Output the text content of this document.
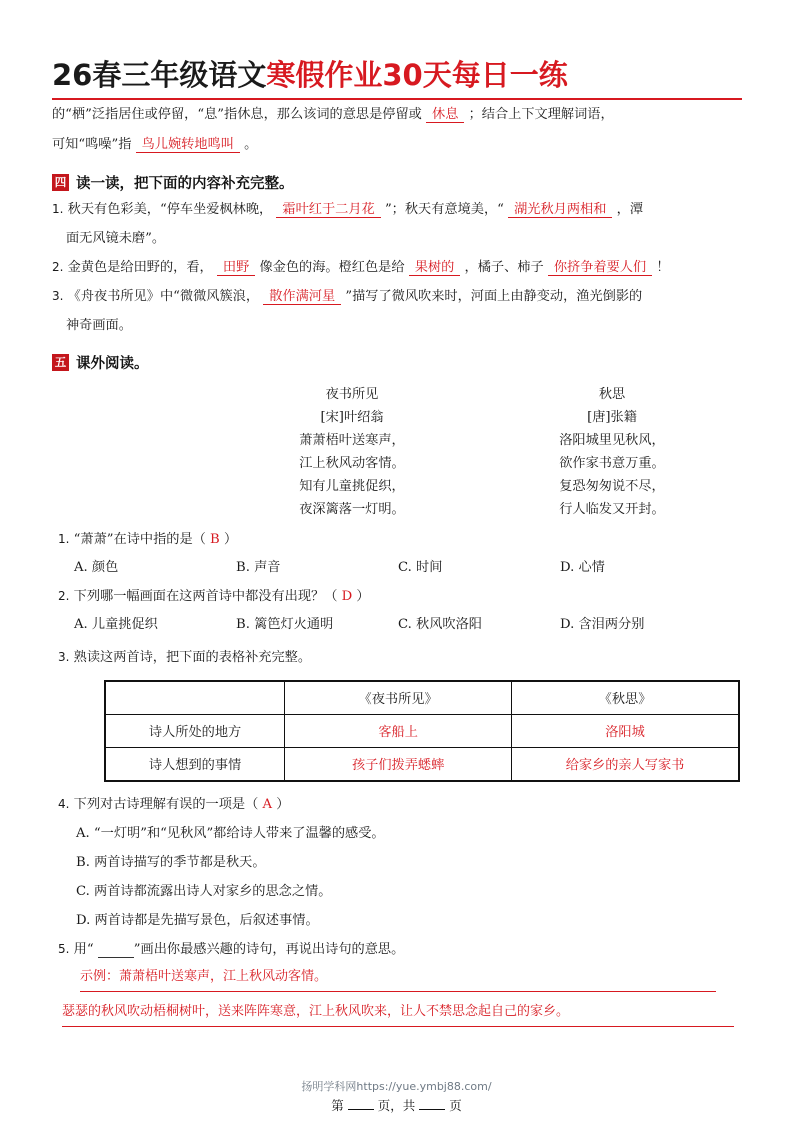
26春三年级语文寒假作业30天每日一练
的“栖”泛指居住或停留，“息”指休息，那么该词的意思是停留或 休息 ；结合上下文理解词语，
可知“鸣噪”指 鸟儿婉转地鸣叫 。
四 读一读，把下面的内容补充完整。
1. 秋天有色彩美，“停车坐爱枫林晚， 霜叶红于二月花 ”；秋天有意境美，“ 湖光秋月两相和 ，潭
面无风镜未磨”。
2. 金黄色是给田野的，看， 田野 像金色的海。橙红色是给 果树的 ，橘子、柿子 你挤争着要人们 ！
3. 《舟夜书所见》中“微微风簇浪， 散作满河星 ”描写了微风吹来时，河面上由静变动，渔光倒影的
神奇画面。
五 课外阅读。
夜书所见
[宋]叶绍翁
萧萧梧叶送寒声，
江上秋风动客情。
知有儿童挑促织，
夜深篱落一灯明。
秋思
[唐]张籍
洛阳城里见秋风，
欲作家书意万重。
复恐匆匆说不尽，
行人临发又开封。
1. “萧萧”在诗中指的是（ B ）
A. 颜色	B. 声音	C. 时间	D. 心情
2. 下列哪一幅画面在这两首诗中都没有出现？（ D ）
A. 儿童挑促织	B. 篱笆灯火通明	C. 秋风吹洛阳	D. 含泪两分别
3. 熟读这两首诗，把下面的表格补充完整。
	《夜书所见》	《秋思》
诗人所处的地方	客船上	洛阳城
诗人想到的事情	孩子们拨弄蟋蟀	给家乡的亲人写家书
4. 下列对古诗理解有误的一项是（ A ）
A. “一灯明”和“见秋风”都给诗人带来了温馨的感受。
B. 两首诗描写的季节都是秋天。
C. 两首诗都流露出诗人对家乡的思念之情。
D. 两首诗都是先描写景色，后叙述事情。
5. 用“	”画出你最感兴趣的诗句，再说出诗句的意思。
示例：萧萧梧叶送寒声，江上秋风动客情。
瑟瑟的秋风吹动梧桐树叶，送来阵阵寒意，江上秋风吹来，让人不禁思念起自己的家乡。
扬明学科网https://yue.ymbj88.com/
第	页，共	页
